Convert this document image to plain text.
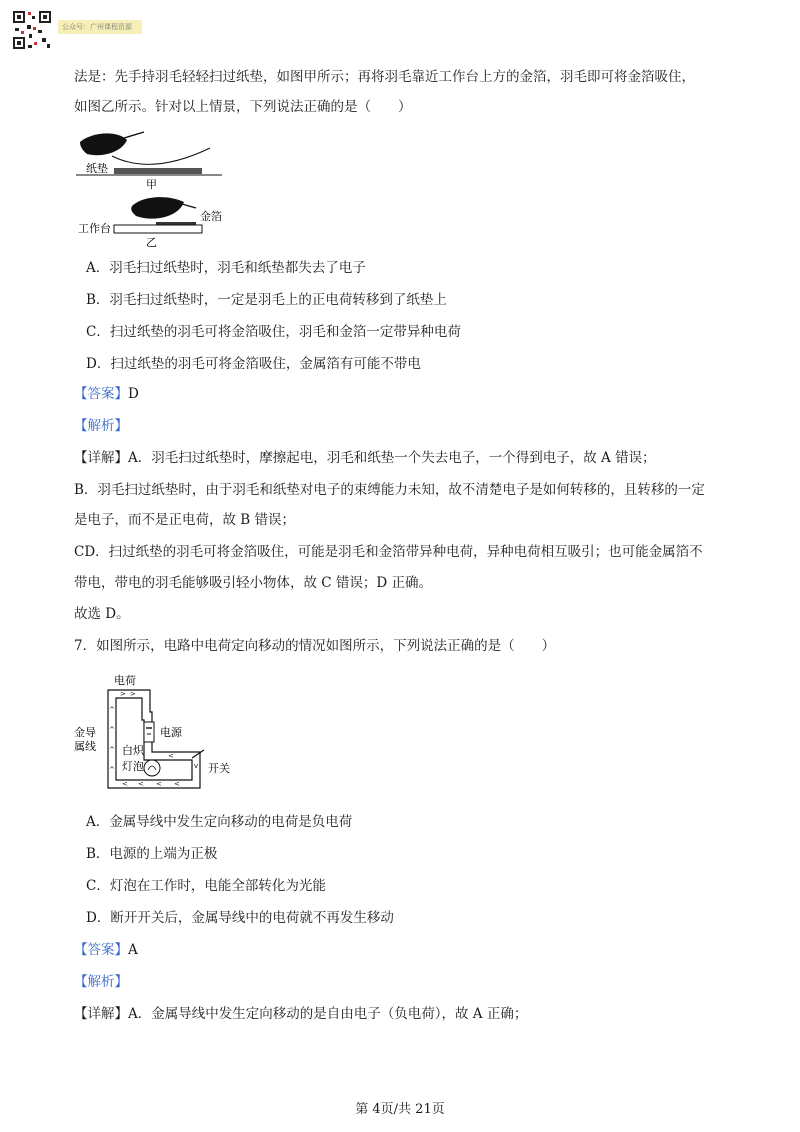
公众号：广州课程资源
法是：先手持羽毛轻轻扫过纸垫，如图甲所示；再将羽毛靠近工作台上方的金箔，羽毛即可将金箔吸住，
如图乙所示。针对以上情景，下列说法正确的是（　　）
纸垫
甲
工作台
金箔
乙
A．羽毛扫过纸垫时，羽毛和纸垫都失去了电子
B．羽毛扫过纸垫时，一定是羽毛上的正电荷转移到了纸垫上
C．扫过纸垫的羽毛可将金箔吸住，羽毛和金箔一定带异种电荷
D．扫过纸垫的羽毛可将金箔吸住，金属箔有可能不带电
【答案】D
【解析】
【详解】A．羽毛扫过纸垫时，摩擦起电，羽毛和纸垫一个失去电子，一个得到电子，故 A 错误；
B．羽毛扫过纸垫时，由于羽毛和纸垫对电子的束缚能力未知，故不清楚电子是如何转移的，且转移的一定
是电子，而不是正电荷，故 B 错误；
CD．扫过纸垫的羽毛可将金箔吸住，可能是羽毛和金箔带异种电荷，异种电荷相互吸引；也可能金属箔不
带电，带电的羽毛能够吸引轻小物体，故 C 错误；D 正确。
故选 D。
7．如图所示，电路中电荷定向移动的情况如图所示，下列说法正确的是（　　）
> >
^
^
^
^
< < < <
v
<
电荷
金导
属线
电源
白炽
灯泡	开关
A．金属导线中发生定向移动的电荷是负电荷
B．电源的上端为正极
C．灯泡在工作时，电能全部转化为光能
D．断开开关后，金属导线中的电荷就不再发生移动
【答案】A
【解析】
【详解】A．金属导线中发生定向移动的是自由电子（负电荷），故 A 正确；
第 4页/共 21页
